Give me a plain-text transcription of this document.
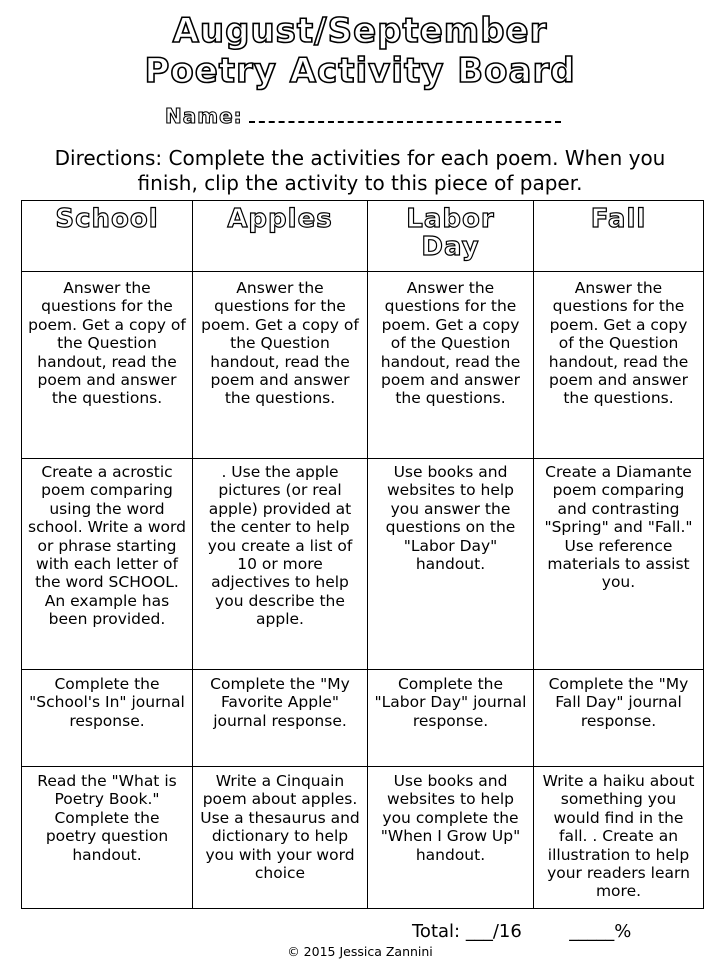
August/September
Poetry Activity Board
Name:
Directions: Complete the activities for each poem. When you
finish, clip the activity to this piece of paper.
School	Apples	Labor Day	Fall
Answer the questions for the poem. Get a copy of the Question handout, read the poem and answer the questions.	Answer the questions for the poem. Get a copy of the Question handout, read the poem and answer the questions.	Answer the questions for the poem. Get a copy of the Question handout, read the poem and answer the questions.	Answer the questions for the poem. Get a copy of the Question handout, read the poem and answer the questions.
Create a acrostic poem comparing using the word school. Write a word or phrase starting with each letter of the word SCHOOL. An example has been provided.	. Use the apple pictures (or real apple) provided at the center to help you create a list of 10 or more adjectives to help you describe the apple.	Use books and websites to help you answer the questions on the "Labor Day" handout.	Create a Diamante poem comparing and contrasting "Spring" and "Fall." Use reference materials to assist you.
Complete the "School's In" journal response.	Complete the "My Favorite Apple" journal response.	Complete the "Labor Day" journal response.	Complete the "My Fall Day" journal response.
Read the "What is Poetry Book." Complete the poetry question handout.	Write a Cinquain poem about apples. Use a thesaurus and dictionary to help you with your word choice	Use books and websites to help you complete the "When I Grow Up" handout.	Write a haiku about something you would find in the fall. . Create an illustration to help your readers learn more.
Total: ___/16	_____%
© 2015 Jessica Zannini
